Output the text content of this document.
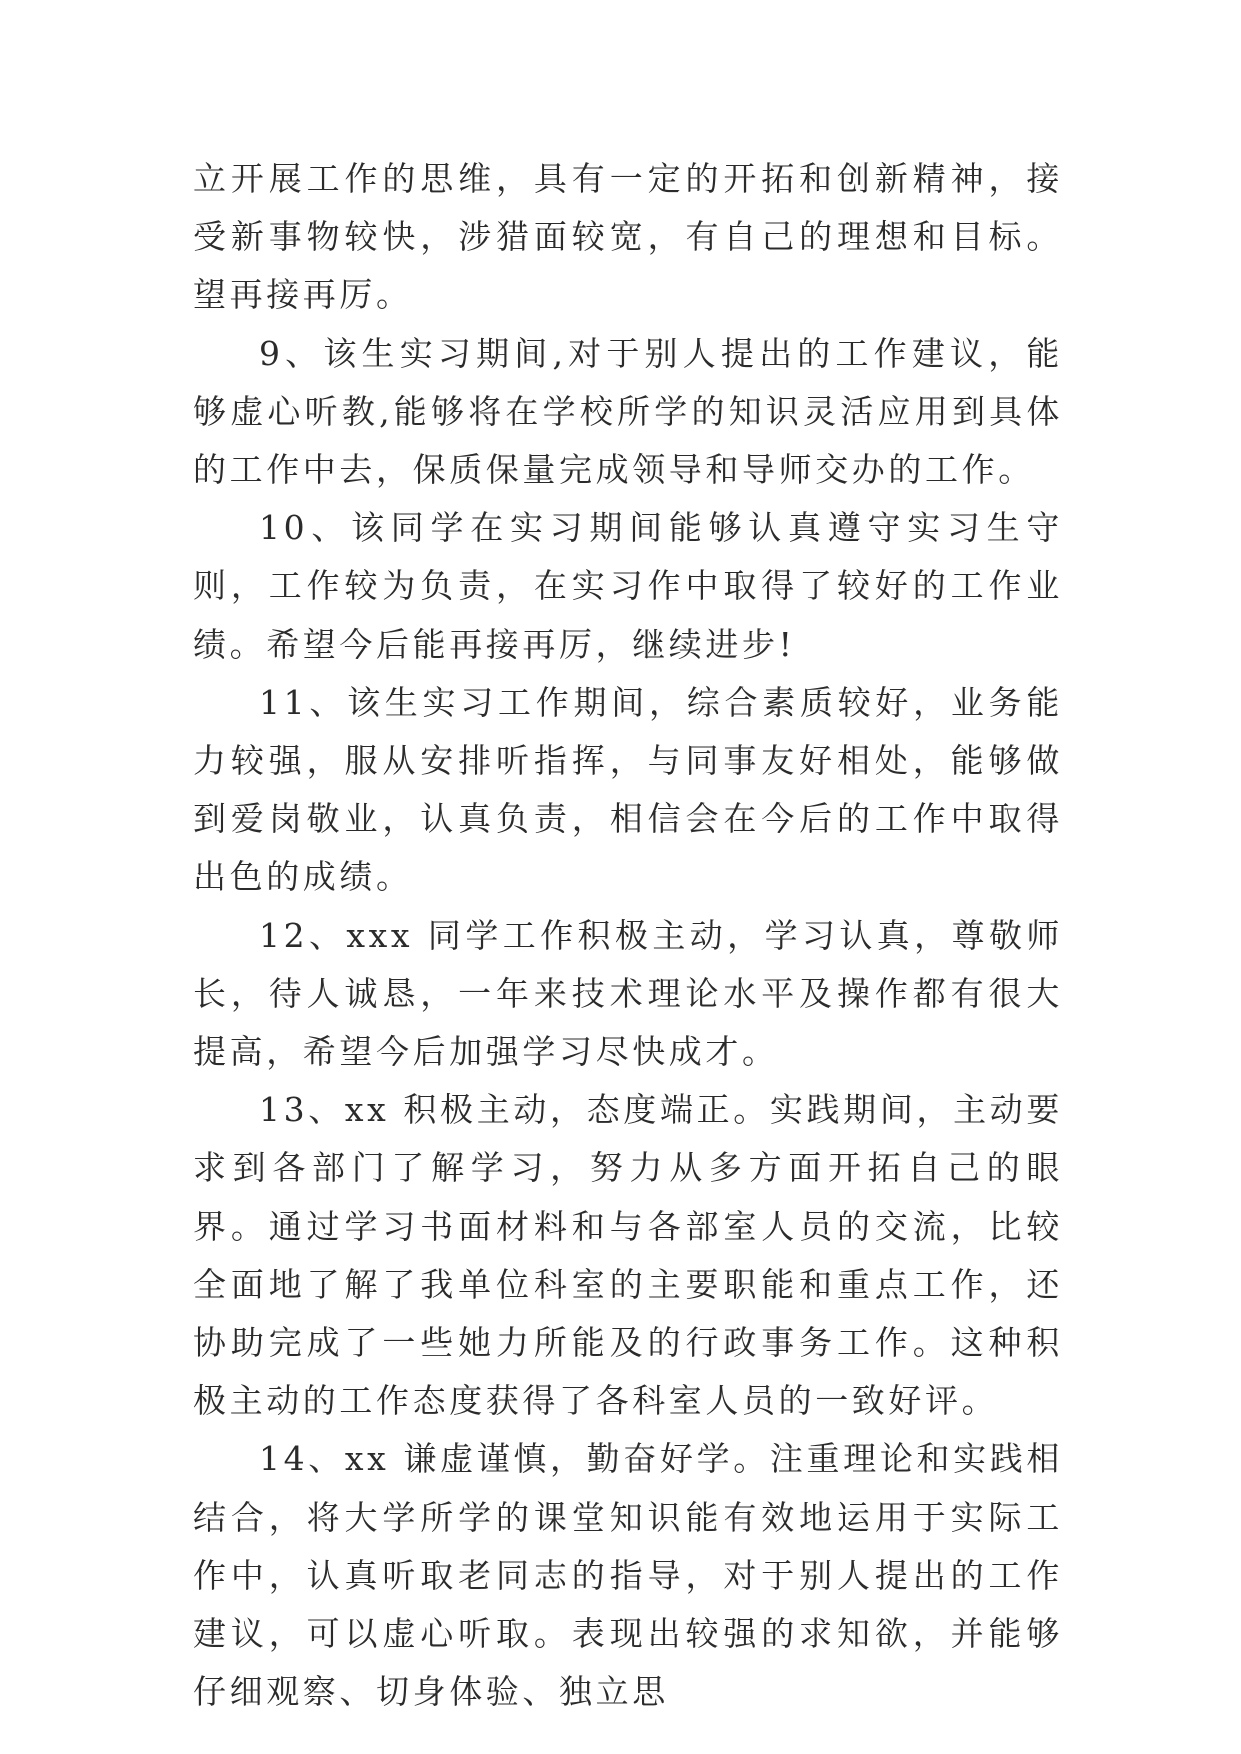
立开展工作的思维，具有一定的开拓和创新精神，接受新事物较快，涉猎面较宽，有自己的理想和目标。望再接再厉。

9、该生实习期间,对于别人提出的工作建议，能够虚心听教,能够将在学校所学的知识灵活应用到具体的工作中去，保质保量完成领导和导师交办的工作。

10、该同学在实习期间能够认真遵守实习生守则，工作较为负责，在实习作中取得了较好的工作业绩。希望今后能再接再厉，继续进步!

11、该生实习工作期间，综合素质较好，业务能力较强，服从安排听指挥，与同事友好相处，能够做到爱岗敬业，认真负责，相信会在今后的工作中取得出色的成绩。

12、xxx 同学工作积极主动，学习认真，尊敬师长，待人诚恳，一年来技术理论水平及操作都有很大提高，希望今后加强学习尽快成才。

13、xx 积极主动，态度端正。实践期间，主动要求到各部门了解学习，努力从多方面开拓自己的眼界。通过学习书面材料和与各部室人员的交流，比较全面地了解了我单位科室的主要职能和重点工作，还协助完成了一些她力所能及的行政事务工作。这种积极主动的工作态度获得了各科室人员的一致好评。

14、xx 谦虚谨慎，勤奋好学。注重理论和实践相结合，将大学所学的课堂知识能有效地运用于实际工作中，认真听取老同志的指导，对于别人提出的工作建议，可以虚心听取。表现出较强的求知欲，并能够仔细观察、切身体验、独立思
